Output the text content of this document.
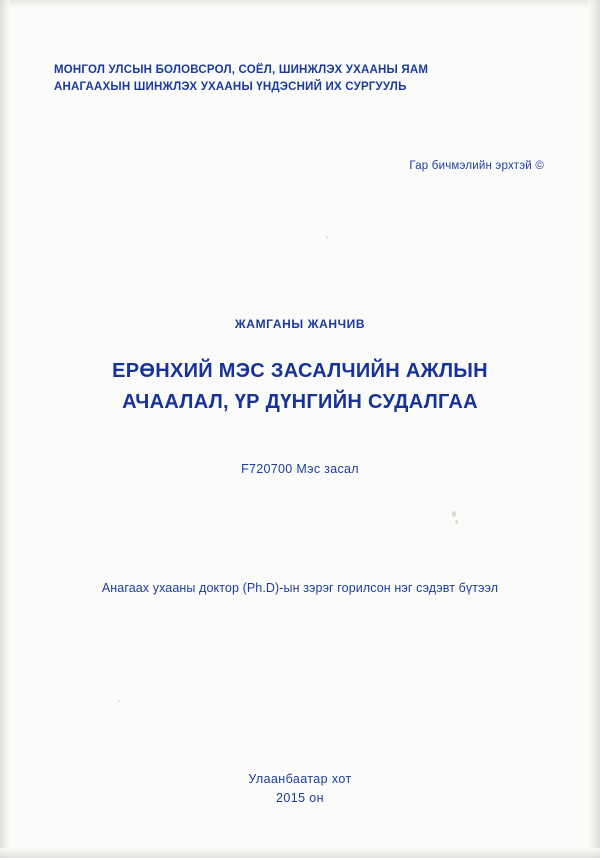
МОНГОЛ УЛСЫН БОЛОВСРОЛ, СОЁЛ, ШИНЖЛЭХ УХААНЫ ЯАМ
АНАГААХЫН ШИНЖЛЭХ УХААНЫ ҮНДЭСНИЙ ИХ СУРГУУЛЬ
Гар бичмэлийн эрхтэй ©
ЖАМГАНЫ ЖАНЧИВ
ЕРӨНХИЙ МЭС ЗАСАЛЧИЙН АЖЛЫН
АЧААЛАЛ, ҮР ДҮНГИЙН СУДАЛГАА
F720700 Мэс засал
Анагаах ухааны доктор (Ph.D)-ын зэрэг горилсон нэг сэдэвт бүтээл
Улаанбаатар хот
2015 он
